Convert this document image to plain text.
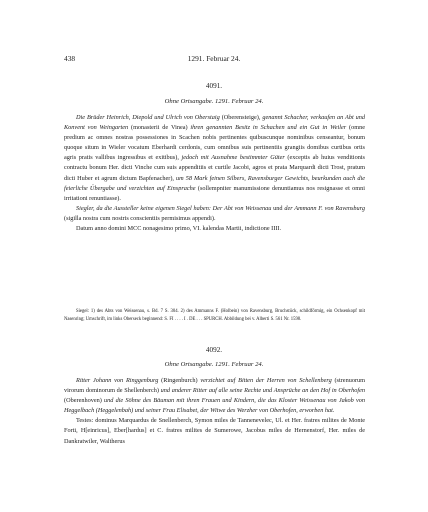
438	1291. Februar 24.
4091.
Ohne Ortsangabe. 1291. Februar 24.

Die Brüder Heinrich, Diepold und Ulrich von Oberstaig (Oberensteige), genannt Schacher, verkaufen an Abt und Konvent von Weingarten (monasterii de Vinea) ihren genannten Besitz in Schachen und ein Gut in Weiler (omne predium ac omnes nostras possessiones in Scachen nobis pertinentes quibuscunque nominibus censeantur, bonum quoque situm in Wieler vocatum Eberhardi cerdonis, cum omnibus suis pertinentiis grangiis domibus curtibus ortis agris pratis vallibus ingressibus et exitibus), jedoch mit Ausnahme bestimmter Güter (exceptis ab huius venditionis contractu bonum Her. dicti Vinche cum suis appenditiis et curtile Jacobi, agros et prata Marquardi dicti Trost, pratum dicti Huber et agrum dictum Bapfenacher), um 58 Mark feinen Silbers, Ravensburger Gewichts, beurkunden auch die feierliche Übergabe und verzichten auf Einsprache (sollempniter manumissione denuntiamus nos resignasse et omni irritationi renuntiasse).

Siegler, da die Aussteller keine eigenen Siegel haben: Der Abt von Weissenau und der Ammann F. von Ravensburg (sigilla nostra cum nostris conscientiis permisimus appendi).

Datum anno domini MCC nonagesimo primo, VI. kalendas Martii, indictione IIII.

Siegel: 1) des Abts von Weissenau, s. Bd. 7 S. 304. 2) des Ammanns F. (Holbein) von Ravensburg, Bruchstück, schildförmig, ein Ochsenkopf mit Nasenring; Umschrift, im links Oberseck beginnend: S. FI . . . . I . DE . . . SPURCH. Abbildung bei v. Alberti S. 561 Nr. 1598.

4092.
Ohne Ortsangabe. 1291. Februar 24.

Ritter Johann von Ringgenburg (Ringenburch) verzichtet auf Bitten der Herren von Schellenberg (strenuorum virorum dominorum de Shellenberch) und anderer Ritter auf alle seine Rechte und Ansprüche an den Hof in Oberhofen (Oberenhoven) und die Söhne des Bäuman mit ihren Frauen und Kindern, die das Kloster Weissenau von Jakob von Heggelbach (Heggelenbah) und seiner Frau Elisabet, der Witwe des Werzher von Oberhofen, erworben hat.

Testes: dominus Marquardus de Snellenberch, Symon miles de Tanneneveleс, Ul. et Her. fratres milites de Monte Forti, H[einricus], Eber[hardus] et C. fratres milites de Sumerowe, Jacobus miles de Hernenstorf, Her. miles de Dankratwiler, Waltherus
